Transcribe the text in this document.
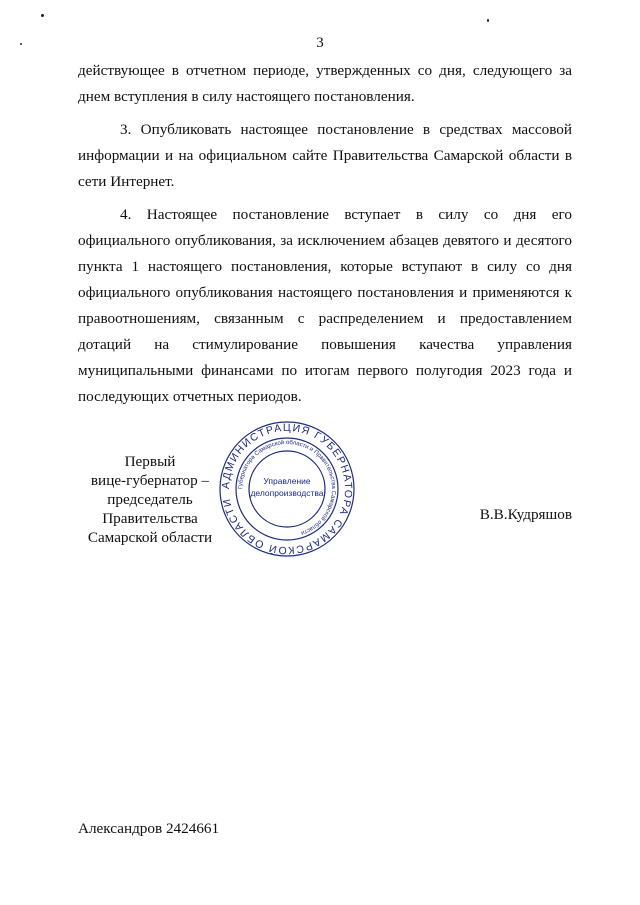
3

действующее в отчетном периоде, утвержденных со дня, следующего за днем вступления в силу настоящего постановления.

3. Опубликовать настоящее постановление в средствах массовой информации и на официальном сайте Правительства Самарской области в сети Интернет.

4. Настоящее постановление вступает в силу со дня его официального опубликования, за исключением абзацев девятого и десятого пункта 1 настоящего постановления, которые вступают в силу со дня официального опубликования настоящего постановления и применяются к правоотношениям, связанным с распределением и предоставлением дотаций на стимулирование повышения качества управления муниципальными финансами по итогам первого полугодия 2023 года и последующих отчетных периодов.

Первый
вице-губернатор –
председатель Правительства
Самарской области
АДМИНИСТРАЦИЯ ГУБЕРНАТОРА САМАРСКОЙ ОБЛАСТИ
Губернатора Самарской области и Правительства Самарской области
Управление
делопроизводства
В.В.Кудряшов
Александров 2424661
